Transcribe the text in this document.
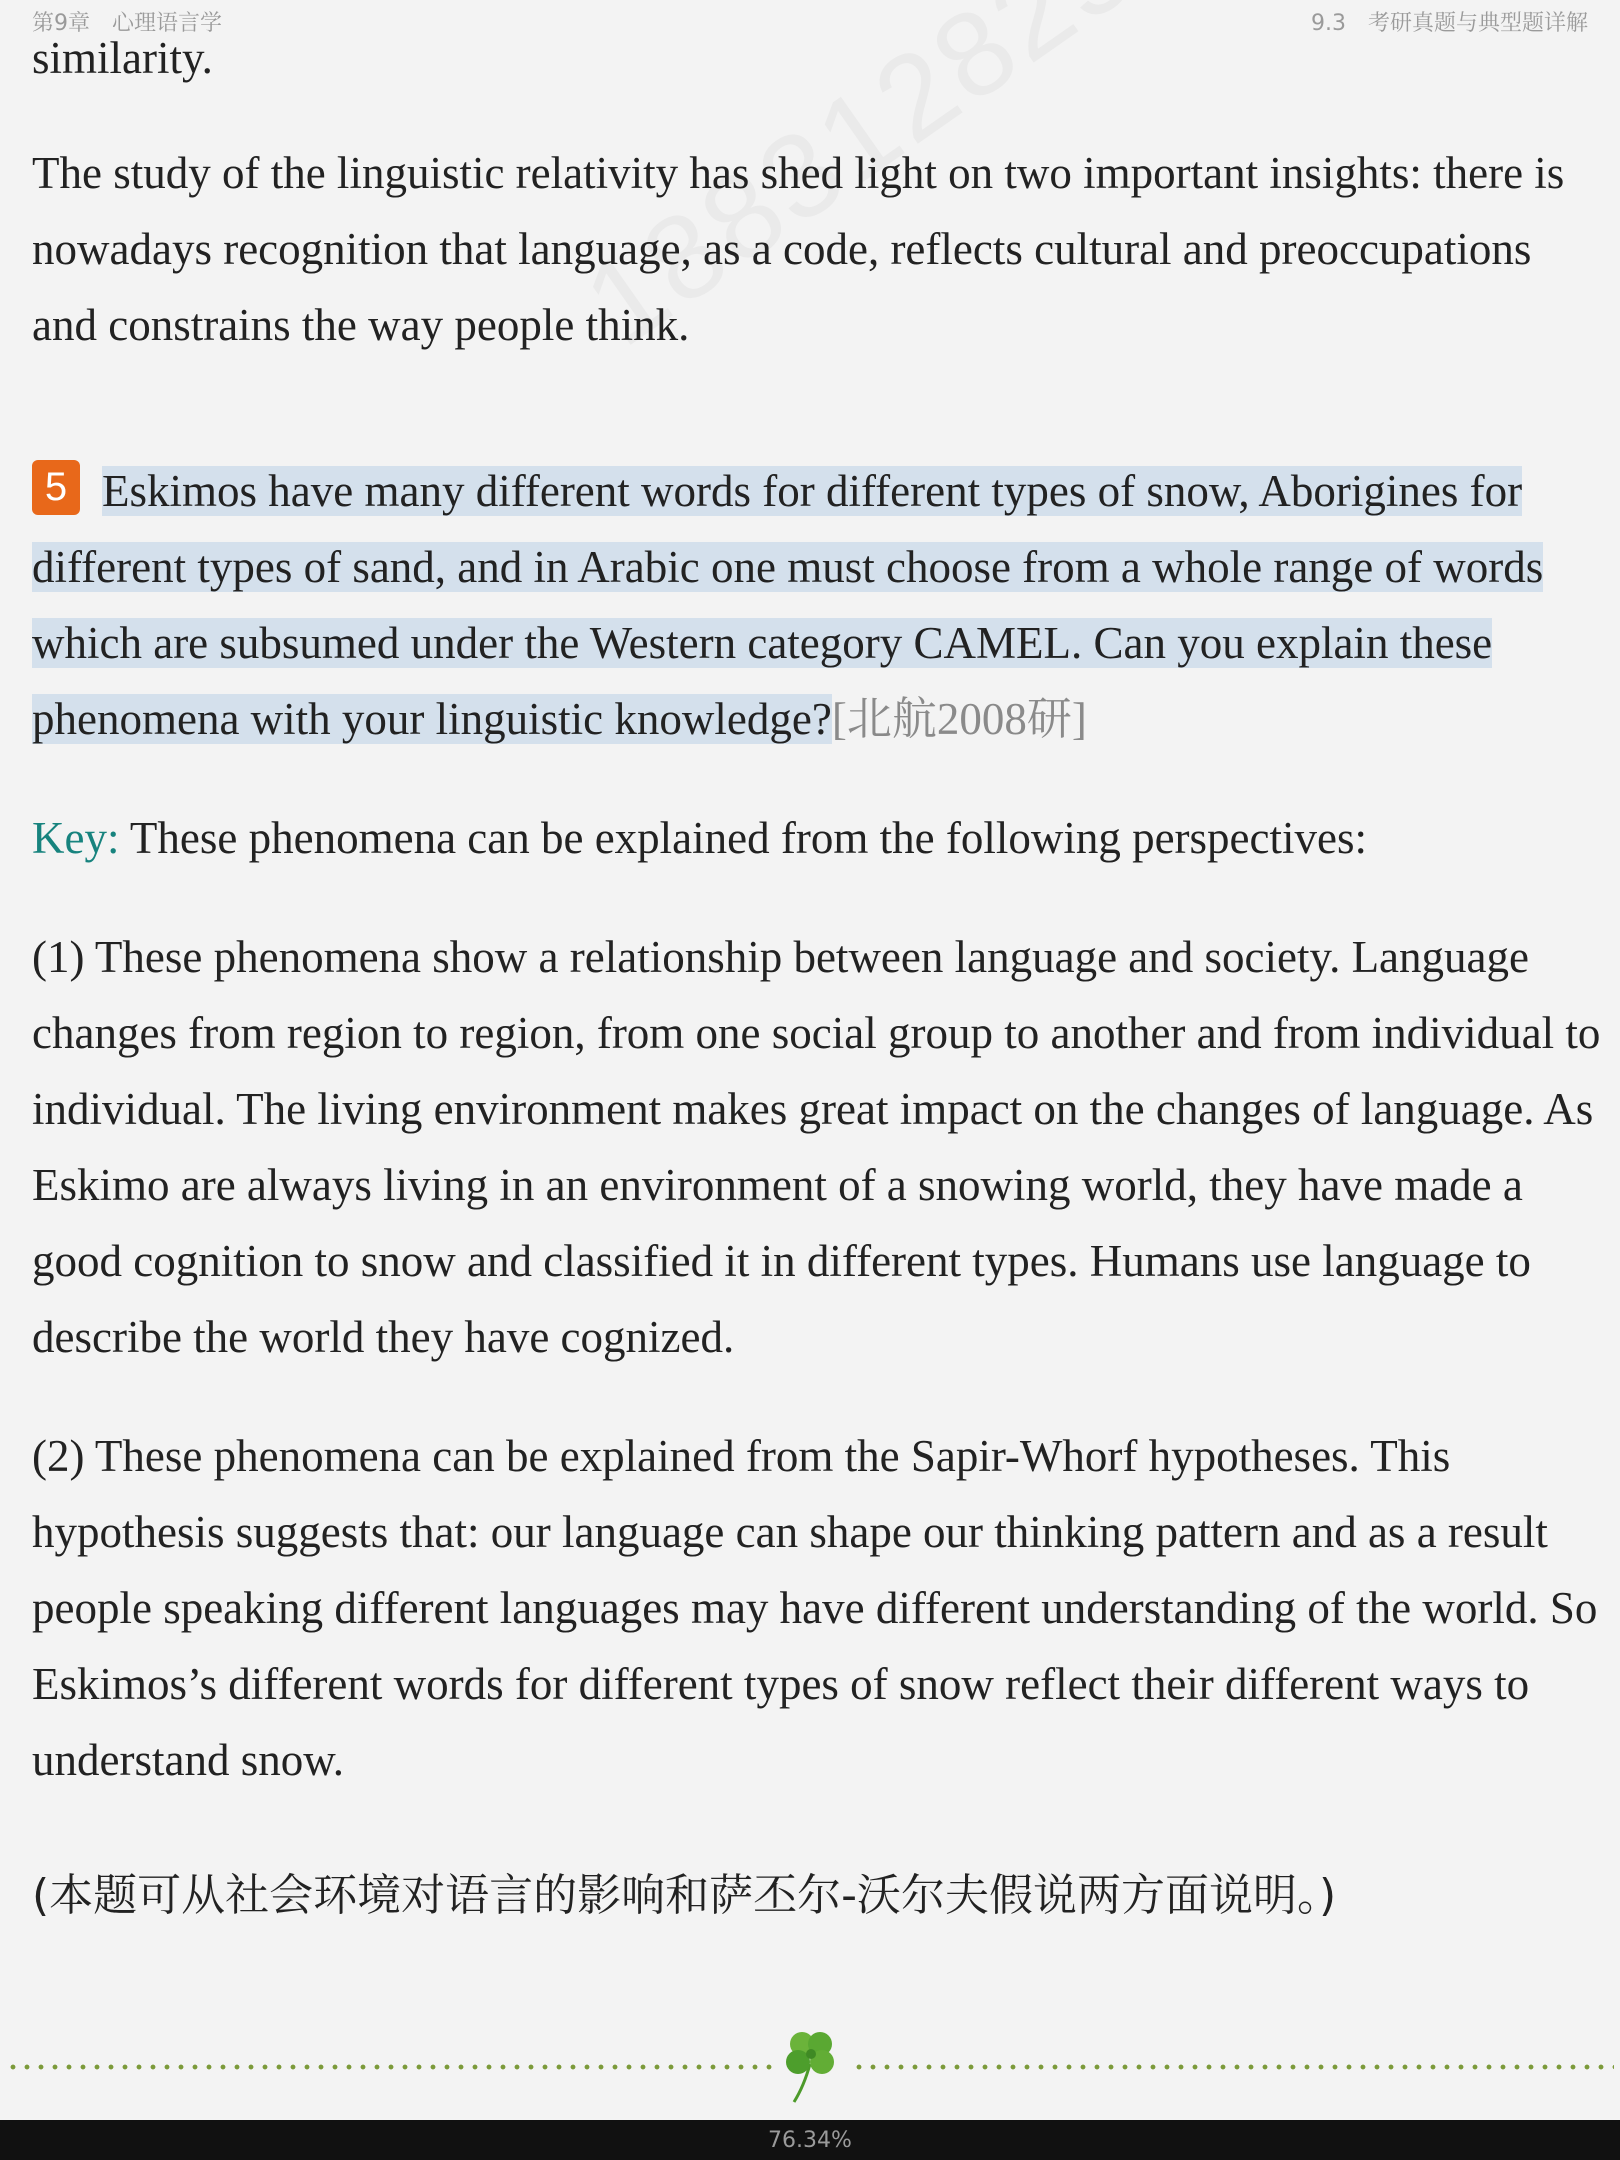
第9章 心理语言学	9.3 考研真题与典型题详解

similarity.

The study of the linguistic relativity has shed light on two important insights: there is nowadays recognition that language, as a code, reflects cultural and preoccupations and constrains the way people think.

5 Eskimos have many different words for different types of snow, Aborigines for different types of sand, and in Arabic one must choose from a whole range of words which are subsumed under the Western category CAMEL. Can you explain these phenomena with your linguistic knowledge?[北航2008研]

Key: These phenomena can be explained from the following perspectives:

(1) These phenomena show a relationship between language and society. Language changes from region to region, from one social group to another and from individual to individual. The living environment makes great impact on the changes of language. As Eskimo are always living in an environment of a snowing world, they have made a good cognition to snow and classified it in different types. Humans use language to describe the world they have cognized.

(2) These phenomena can be explained from the Sapir-Whorf hypotheses. This hypothesis suggests that: our language can shape our thinking pattern and as a result people speaking different languages may have different understanding of the world. So Eskimos’s different words for different types of snow reflect their different ways to understand snow.

(本题可从社会环境对语言的影响和萨丕尔-沃尔夫假说两方面说明。)

76.34%
